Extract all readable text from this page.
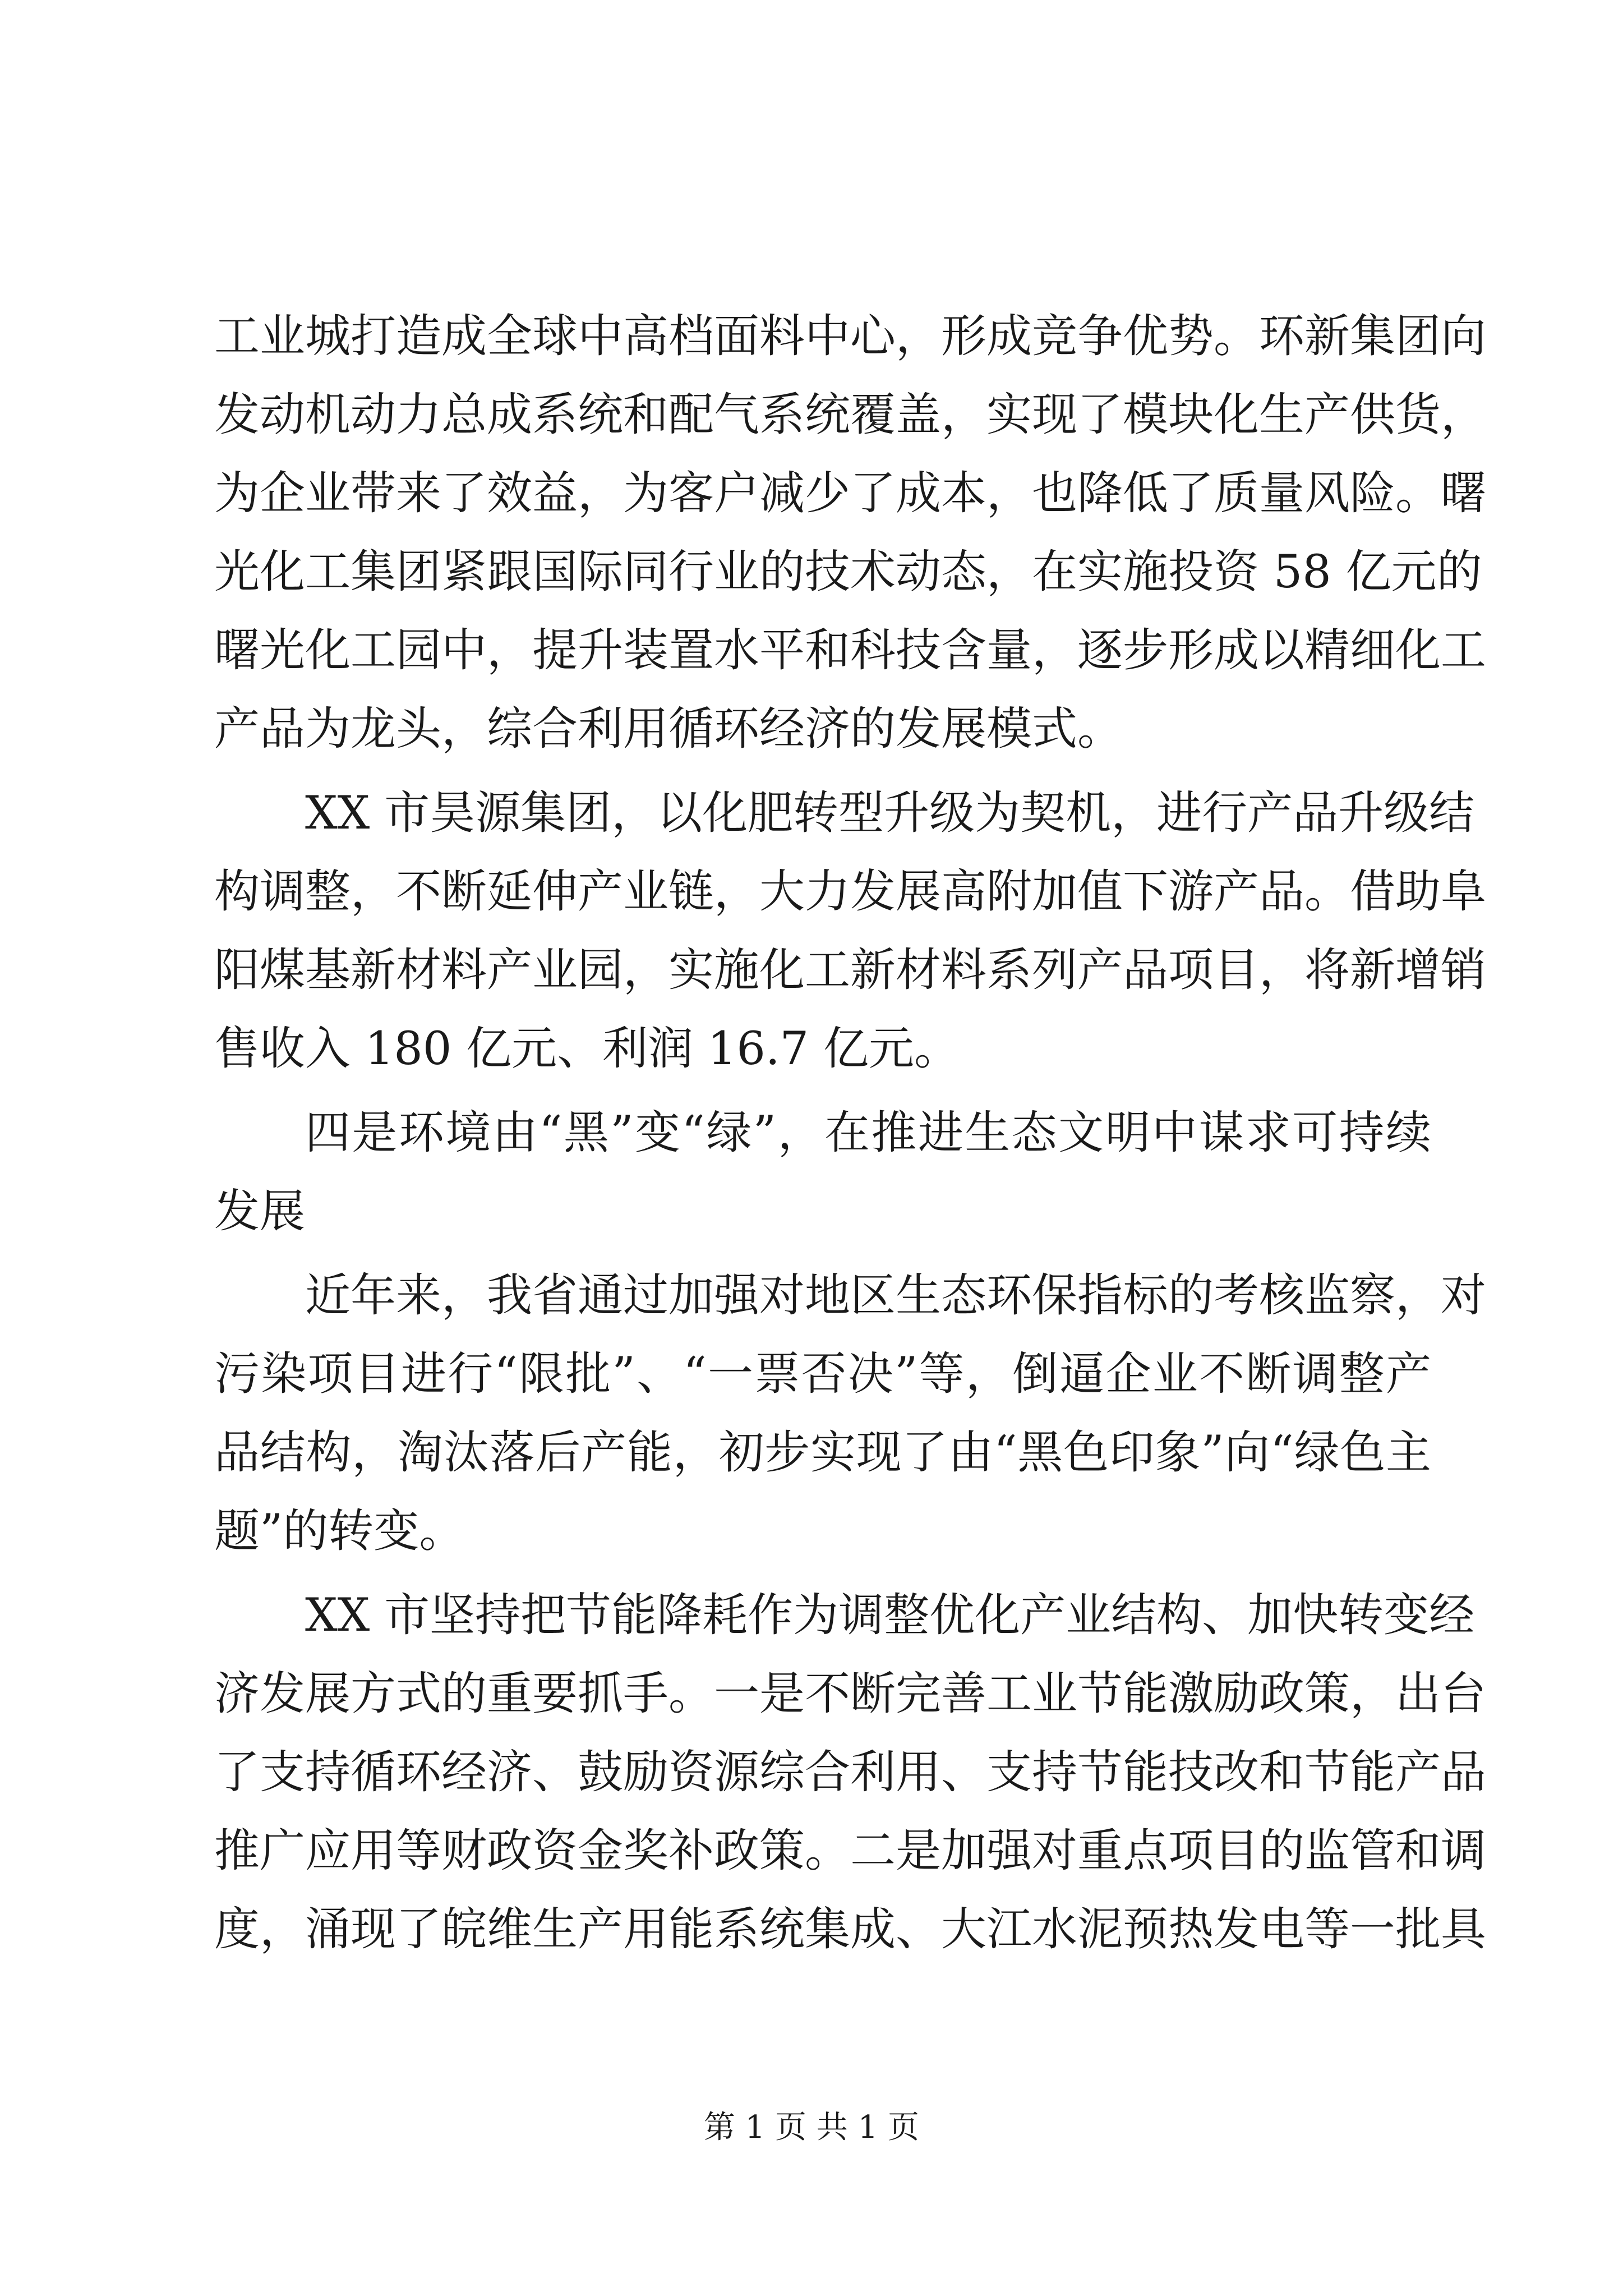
工业城打造成全球中高档面料中心，形成竞争优势。环新集团向
发动机动力总成系统和配气系统覆盖，实现了模块化生产供货，
为企业带来了效益，为客户减少了成本，也降低了质量风险。曙
光化工集团紧跟国际同行业的技术动态，在实施投资 58 亿元的
曙光化工园中，提升装置水平和科技含量，逐步形成以精细化工
产品为龙头，综合利用循环经济的发展模式。
XX 市昊源集团，以化肥转型升级为契机，进行产品升级结
构调整，不断延伸产业链，大力发展高附加值下游产品。借助阜
阳煤基新材料产业园，实施化工新材料系列产品项目，将新增销
售收入 180 亿元、利润 16.7 亿元。
四是环境由“黑”变“绿”，在推进生态文明中谋求可持续
发展
近年来，我省通过加强对地区生态环保指标的考核监察，对
污染项目进行“限批”、“一票否决”等，倒逼企业不断调整产
品结构，淘汰落后产能，初步实现了由“黑色印象”向“绿色主
题”的转变。
XX 市坚持把节能降耗作为调整优化产业结构、加快转变经
济发展方式的重要抓手。一是不断完善工业节能激励政策，出台
了支持循环经济、鼓励资源综合利用、支持节能技改和节能产品
推广应用等财政资金奖补政策。二是加强对重点项目的监管和调
度，涌现了皖维生产用能系统集成、大江水泥预热发电等一批具
第 1 页 共 1 页
